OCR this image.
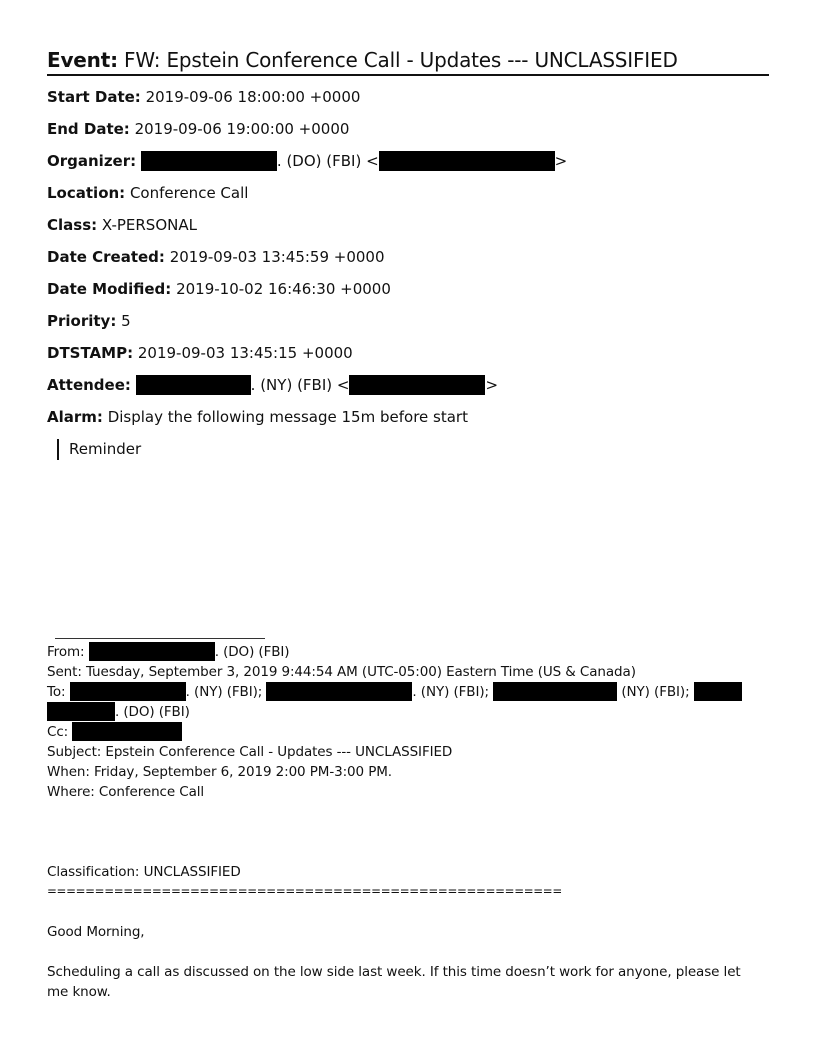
Event: FW: Epstein Conference Call - Updates --- UNCLASSIFIED
Start Date: 2019-09-06 18:00:00 +0000
End Date: 2019-09-06 19:00:00 +0000
Organizer:	. (DO) (FBI) <	>
Location: Conference Call
Class: X-PERSONAL
Date Created: 2019-09-03 13:45:59 +0000
Date Modified: 2019-10-02 16:46:30 +0000
Priority: 5
DTSTAMP: 2019-09-03 13:45:15 +0000
Attendee:	. (NY) (FBI) <	>
Alarm: Display the following message 15m before start
Reminder
From:	. (DO) (FBI)
Sent: Tuesday, September 3, 2019 9:44:54 AM (UTC-05:00) Eastern Time (US & Canada)
To:	. (NY) (FBI);	. (NY) (FBI);	(NY) (FBI);
. (DO) (FBI)
Cc:
Subject: Epstein Conference Call - Updates --- UNCLASSIFIED
When: Friday, September 6, 2019 2:00 PM-3:00 PM.
Where: Conference Call
Classification: UNCLASSIFIED
======================================================
Good Morning,
Scheduling a call as discussed on the low side last week. If this time doesn’t work for anyone, please let
me know.
